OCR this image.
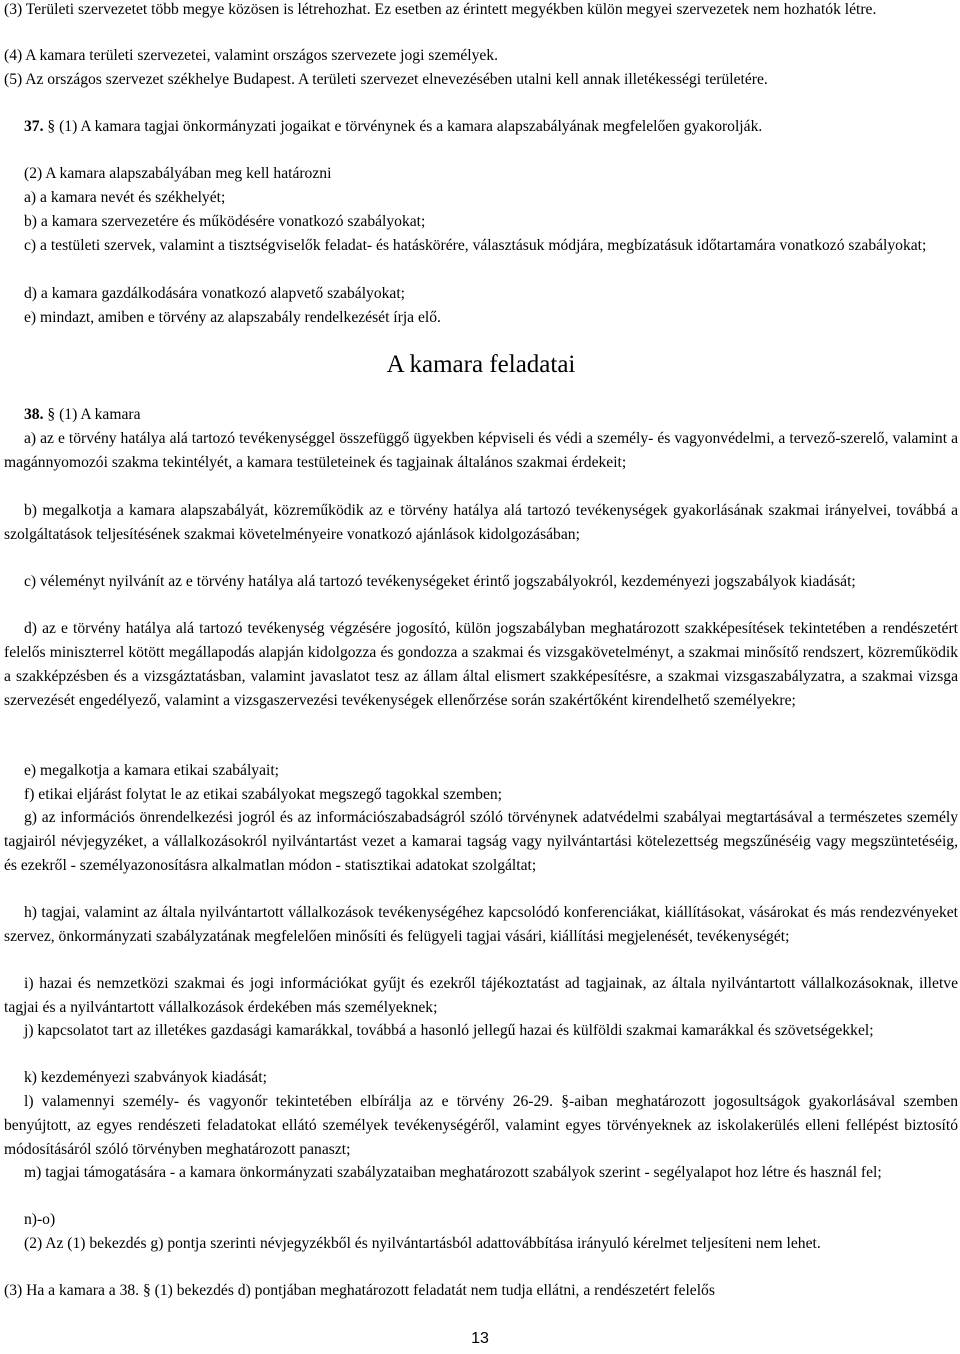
(3) Területi szervezetet több megye közösen is létrehozhat. Ez esetben az érintett megyékben külön megyei szervezetek nem hozhatók létre.
(4) A kamara területi szervezetei, valamint országos szervezete jogi személyek.
(5) Az országos szervezet székhelye Budapest. A területi szervezet elnevezésében utalni kell annak illetékességi területére.
37. § (1) A kamara tagjai önkormányzati jogaikat e törvénynek és a kamara alapszabályának megfelelően gyakorolják.
(2) A kamara alapszabályában meg kell határozni
a) a kamara nevét és székhelyét;
b) a kamara szervezetére és működésére vonatkozó szabályokat;
c) a testületi szervek, valamint a tisztségviselők feladat- és hatáskörére, választásuk módjára, megbízatásuk időtartamára vonatkozó szabályokat;
d) a kamara gazdálkodására vonatkozó alapvető szabályokat;
e) mindazt, amiben e törvény az alapszabály rendelkezését írja elő.
A kamara feladatai
38. § (1) A kamara
a) az e törvény hatálya alá tartozó tevékenységgel összefüggő ügyekben képviseli és védi a személy- és vagyonvédelmi, a tervező-szerelő, valamint a magánnyomozói szakma tekintélyét, a kamara testületeinek és tagjainak általános szakmai érdekeit;
b) megalkotja a kamara alapszabályát, közreműködik az e törvény hatálya alá tartozó tevékenységek gyakorlásának szakmai irányelvei, továbbá a szolgáltatások teljesítésének szakmai követelményeire vonatkozó ajánlások kidolgozásában;
c) véleményt nyilvánít az e törvény hatálya alá tartozó tevékenységeket érintő jogszabályokról, kezdeményezi jogszabályok kiadását;
d) az e törvény hatálya alá tartozó tevékenység végzésére jogosító, külön jogszabályban meghatározott szakképesítések tekintetében a rendészetért felelős miniszterrel kötött megállapodás alapján kidolgozza és gondozza a szakmai és vizsgakövetelményt, a szakmai minősítő rendszert, közreműködik a szakképzésben és a vizsgáztatásban, valamint javaslatot tesz az állam által elismert szakképesítésre, a szakmai vizsgaszabályzatra, a szakmai vizsga szervezését engedélyező, valamint a vizsgaszervezési tevékenységek ellenőrzése során szakértőként kirendelhető személyekre;
e) megalkotja a kamara etikai szabályait;
f) etikai eljárást folytat le az etikai szabályokat megszegő tagokkal szemben;
g) az információs önrendelkezési jogról és az információszabadságról szóló törvénynek adatvédelmi szabályai megtartásával a természetes személy tagjairól névjegyzéket, a vállalkozásokról nyilvántartást vezet a kamarai tagság vagy nyilvántartási kötelezettség megszűnéséig vagy megszüntetéséig, és ezekről - személyazonosításra alkalmatlan módon - statisztikai adatokat szolgáltat;
h) tagjai, valamint az általa nyilvántartott vállalkozások tevékenységéhez kapcsolódó konferenciákat, kiállításokat, vásárokat és más rendezvényeket szervez, önkormányzati szabályzatának megfelelően minősíti és felügyeli tagjai vásári, kiállítási megjelenését, tevékenységét;
i) hazai és nemzetközi szakmai és jogi információkat gyűjt és ezekről tájékoztatást ad tagjainak, az általa nyilvántartott vállalkozásoknak, illetve tagjai és a nyilvántartott vállalkozások érdekében más személyeknek;
j) kapcsolatot tart az illetékes gazdasági kamarákkal, továbbá a hasonló jellegű hazai és külföldi szakmai kamarákkal és szövetségekkel;
k) kezdeményezi szabványok kiadását;
l) valamennyi személy- és vagyonőr tekintetében elbírálja az e törvény 26-29. §-aiban meghatározott jogosultságok gyakorlásával szemben benyújtott, az egyes rendészeti feladatokat ellátó személyek tevékenységéről, valamint egyes törvényeknek az iskolakerülés elleni fellépést biztosító módosításáról szóló törvényben meghatározott panaszt;
m) tagjai támogatására - a kamara önkormányzati szabályzataiban meghatározott szabályok szerint - segélyalapot hoz létre és használ fel;
n)-o)
(2) Az (1) bekezdés g) pontja szerinti névjegyzékből és nyilvántartásból adattovábbítása irányuló kérelmet teljesíteni nem lehet.
(3) Ha a kamara a 38. § (1) bekezdés d) pontjában meghatározott feladatát nem tudja ellátni, a rendészetért felelős
13
